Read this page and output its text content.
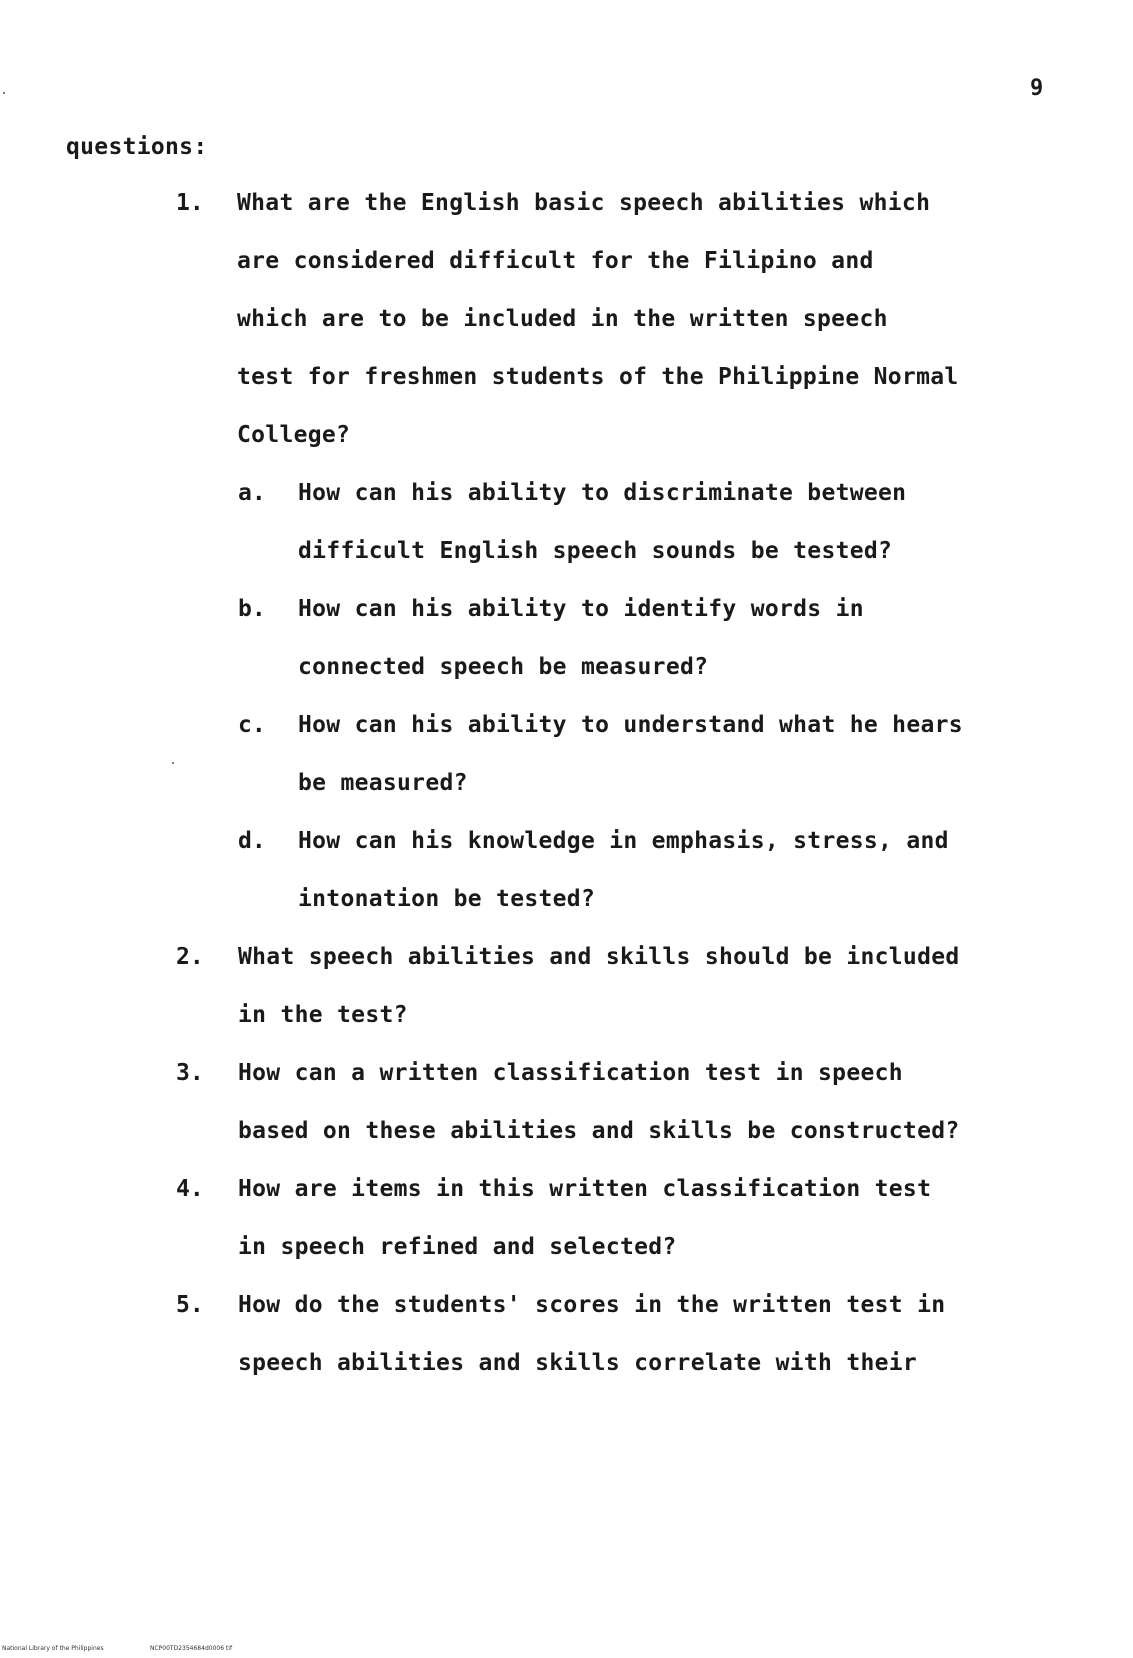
9
questions:
1. What are the English basic speech abilities which
are considered difficult for the Filipino and
which are to be included in the written speech
test for freshmen students of the Philippine Normal
College?
a. How can his ability to discriminate between
difficult English speech sounds be tested?
b. How can his ability to identify words in
connected speech be measured?
c. How can his ability to understand what he hears
be measured?
d. How can his knowledge in emphasis, stress, and
intonation be tested?
2. What speech abilities and skills should be included
in the test?
3. How can a written classification test in speech
based on these abilities and skills be constructed?
4. How are items in this written classification test
in speech refined and selected?
5. How do the students' scores in the written test in
speech abilities and skills correlate with their
National Library of the Philippines	NCP00TD2354684d0006 tif
